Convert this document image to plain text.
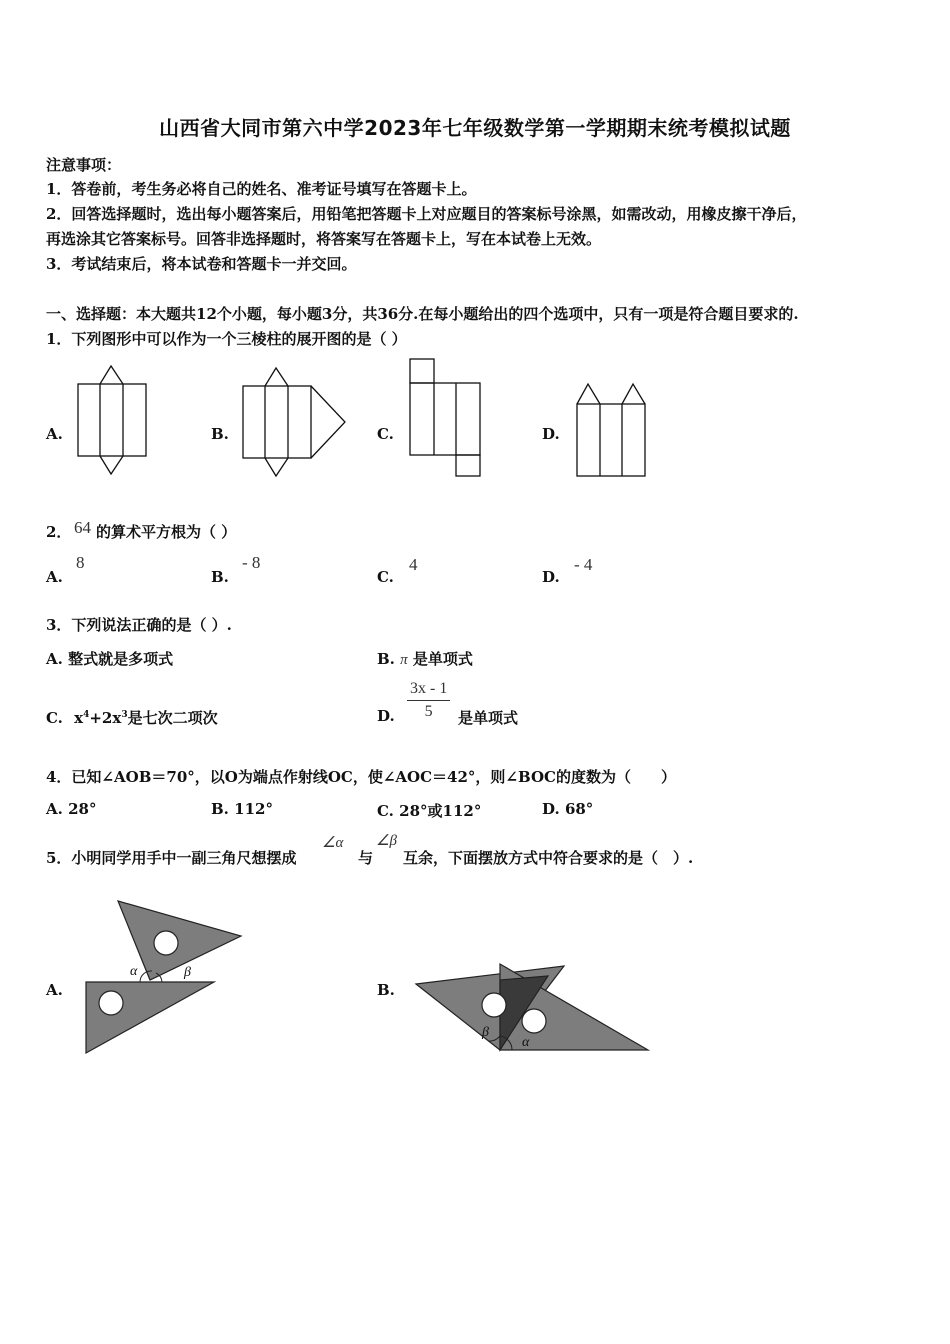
山西省大同市第六中学2023年七年级数学第一学期期末统考模拟试题
注意事项：
1．答卷前，考生务必将自己的姓名、准考证号填写在答题卡上。
2．回答选择题时，选出每小题答案后，用铅笔把答题卡上对应题目的答案标号涂黑，如需改动，用橡皮擦干净后，
再选涂其它答案标号。回答非选择题时，将答案写在答题卡上，写在本试卷上无效。
3．考试结束后，将本试卷和答题卡一并交回。
一、选择题：本大题共12个小题，每小题3分，共36分.在每小题给出的四个选项中，只有一项是符合题目要求的.
1．下列图形中可以作为一个三棱柱的展开图的是（ ）
A.	B.	C.	D.
2． 64 的算术平方根为（ ）
A.
8
B.
- 8
C.
4
D.
- 4
3．下列说法正确的是（ ）.
A. 整式就是多项式	B. π 是单项式
C. $x^4+2x^3$是七次二项次	D. $\frac{3x - 1}{5}$ 是单项式
4．已知∠AOB＝70°，以O为端点作射线OC，使∠AOC＝42°，则∠BOC的度数为（　　）
A. 28°	B. 112°	C. 28°或112°	D. 68°
5．小明同学用手中一副三角尺想摆成
∠α
与
∠β
互余，下面摆放方式中符合要求的是（　）.
A.	B.
α	β
β
α
